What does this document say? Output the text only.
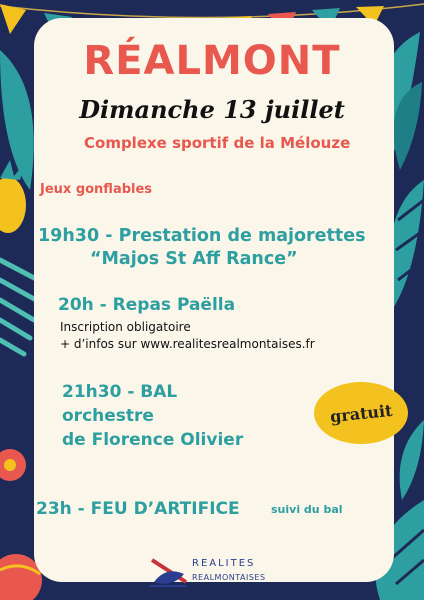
RÉALMONT
Dimanche 13 juillet
Complexe sportif de la Mélouze
Jeux gonflables
19h30 - Prestation de majorettes
“Majos St Aff Rance”
20h - Repas Paëlla
Inscription obligatoire
+ d’infos sur www.realitesrealmontaises.fr
21h30 - BAL
orchestre
de Florence Olivier
gratuit
23h - FEU D’ARTIFICE	suivi du bal
REALITES
REALMONTAISES
